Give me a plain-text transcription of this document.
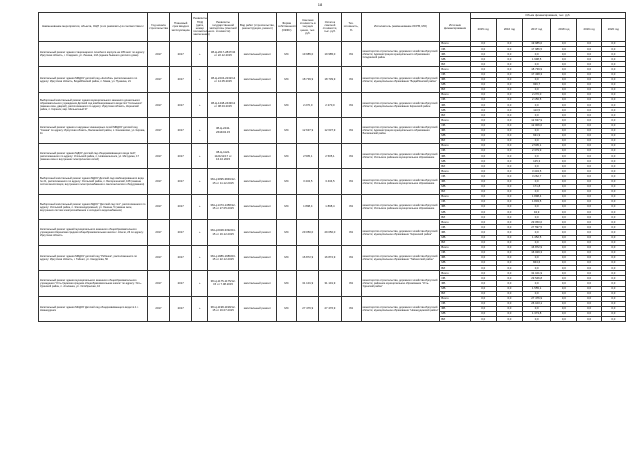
18
Наименование мероприятия, объекта, ОЦП (и их реквизиты) в соответствии с	Год начала строительства	Плановый срок ввода в эксплуатацию	Реквизиты ПСД (дата, номер положительного заключения)	Реквизиты государственной экспертизы (сметной стоимости)	Вид работ (строительство, реконструкция, ремонт)	Форма собственности (ОКФС)	Сметная стоимость в текущих ценах, тыс. руб.	Остаток сметной стоимости, тыс. руб.	Тех. готовность, %	Исполнитель (наименование ИОГВ, МО)	Источник финансирования	Объем финансирования, тыс. руб.					
												2015 год	2016 год	2017 год	2018 год	2019 год	2020 год
Капитальный ремонт здания стационарного лечебного корпуса на 105 мест по адресу: Иркутская область, г. Сладянск, ул. Ленина, 13А (здание бывшего детского дома)	2017	2017	+	38-Ц-2017-2847/34 от 22.12.2015	капитальный ремонт	МС	19 985,0	19 985,0	0%	министерство строительства, дорожного хозяйства Иркутской области; Администрация муниципального образования Сладянский район	Всего	0,0	0,0	19 985,0	0,0	0,0	0,0
											ОБ	0,0	0,0	17 986,5	0,0	0,0	0,0
											ФБ	0,0	0,0	0,0	0,0	0,0	0,0
											МБ	0,0	0,0	1 998,5	0,0	0,0	0,0
											ВИ	0,0	0,0	0,0	0,0	0,0	0,0
Капитальный ремонт здания МБДОУ детский сад «Колобок» расположенного по адресу: Иркутская область, Бодайбинский район, п. Мама, ул. Пушкина, 21	2017	2017	+	38-Ц-2234-2232/14 от 14.05.2015	капитальный ремонт	МС	18 739,9	18 739,9	0%	министерство строительства, дорожного хозяйства Иркутской области; муниципальное образование "Бодайбинский район"	Всего	0,0	0,0	18 739,9	0,0	0,0	0,0
											ОБ	0,0	0,0	17 438,3	0,0	0,0	0,0
											ФБ	0,0	0,0	0,0	0,0	0,0	0,0
											МБ	0,0	0,0	936,7	0,0	0,0	0,0
											ВИ	0,0	0,0	0,0	0,0	0,0	0,0
Выборочный капитальный ремонт здания муниципального казенного дошкольного образовательного учреждения Детский сад комбинированного вида №1 "Солнышко" (замена окон, дверей), расположенного по адресу: Иркутская область, Киренский район, п. Киренск, мкр. Мельничный 37	2017	2017	+	38-Ц-1448-2449/12 от 08.04.2015	капитальный ремонт	МС	2 270,0	2 270,0	0%	министерство строительства, дорожного хозяйства Иркутской области; муниципальное образование Киренский район	Всего	0,0	0,0	2 270,0	0,0	0,0	0,0
											ОБ	0,0	0,0	2 156,5	0,0	0,0	0,0
											ФБ	0,0	0,0	0,0	0,0	0,0	0,0
											МБ	0,0	0,0	113,5	0,0	0,0	0,0
											ВИ	0,0	0,0	0,0	0,0	0,0	0,0
Капитальный ремонт здания и наружных инженерных сетей МБДОУ детский сад "Сказка" по адресу: Иркутская область, Балаганский район, с. Коновалово, ул. Кирова, 11	2017	2017	+	38-Ц-2442-2644/02.15	капитальный ремонт	МС	12 637,9	12 637,9	0%	министерство строительства, дорожного хозяйства Иркутской области; Администрация муниципального образования Балаганский район	Всего	0,0	0,0	12 637,9	0,0	0,0	0,0
											ОБ	0,0	0,0	12 006,0	0,0	0,0	0,0
											ФБ	0,0	0,0	0,0	0,0	0,0	0,0
											МБ	0,0	0,0	631,9	0,0	0,0	0,0
											ВИ	0,0	0,0	0,0	0,0	0,0	0,0
Капитальный ремонт здания МДОУ детский сад общеразвивающего вида №47, расположенного по адресу: Усольский район, п. Новомальтинск, ул. Мичурина, 17 (замена окон и внутренних электрических сетей)	2017	2017	+	38-Ц-1124-1124/11/17 от 16.10.2015	капитальный ремонт	МС	2 505,1	2 505,1	0%	министерство строительства, дорожного хозяйства Иркутской области; Усольское районное муниципальное образование	Всего	0,0	0,0	2 505,1	0,0	0,0	0,0
											ОБ	0,0	0,0	2 379,9	0,0	0,0	0,0
											ФБ	0,0	0,0	0,0	0,0	0,0	0,0
											МБ	0,0	0,0	125,3	0,0	0,0	0,0
											ВИ	0,0	0,0	0,0	0,0	0,0	0,0
Выборочный капитальный ремонт здания МДОУ Детский сад комбинированного вида № 21, расположенного по адресу: Усольский район, п. Белореченский, 108 (замена систем вентиляции, внутреннего электроснабжения и сантехнического оборудования)	2017	2017	+	38-Ц-3095-3849/12-15 от 11.12.2015	капитальный ремонт	МС	3 434,5	3 434,5	0%	министерство строительства, дорожного хозяйства Иркутской области; Усольское районное муниципальное образование	Всего	0,0	0,0	3 434,5	0,0	0,0	0,0
											ОБ	0,0	0,0	3 262,7	0,0	0,0	0,0
											ФБ	0,0	0,0	0,0	0,0	0,0	0,0
											МБ	0,0	0,0	171,8	0,0	0,0	0,0
											ВИ	0,0	0,0	0,0	0,0	0,0	0,0
Выборочный капитальный ремонт здания МДОУ "Детский сад №1", расположенного по адресу: Усольский район, п. Железнодорожный, ул. Ленина, 5 (замена окон, внутренних систем электроснабжения и холодного водоснабжения)	2017	2017	+	38-Ц-1473-1458/12-15 от 27.05.2015	капитальный ремонт	МС	1 898,4	1 898,4	0%	министерство строительства, дорожного хозяйства Иркутской области; Усольское районное муниципальное образование	Всего	0,0	0,0	1 898,4	0,0	0,0	0,0
											ОБ	0,0	0,0	1 803,5	0,0	0,0	0,0
											ФБ	0,0	0,0	0,0	0,0	0,0	0,0
											МБ	0,0	0,0	94,9	0,0	0,0	0,0
											ВИ	0,0	0,0	0,0	0,0	0,0	0,0
Капитальный ремонт зданий муниципального казенного общеобразовательного учреждения Киренская средняя общеобразовательная школа с. Ключи, 26 по адресу: Иркутская область	2017	2017	+	38-Ц-0028-3392/04-15 от 16.12.2015	капитальный ремонт	МС	29 050,0	29 050,0	0%	министерство строительства, дорожного хозяйства Иркутской области; муниципальное образование "Киренский район"	Всего	0,0	0,0	29 050,0	0,0	0,0	0,0
											ОБ	0,0	0,0	27 597,5	0,0	0,0	0,0
											ФБ	0,0	0,0	0,0	0,0	0,0	0,0
											МБ	0,0	0,0	1 452,5	0,0	0,0	0,0
											ВИ	0,0	0,0	0,0	0,0	0,0	0,0
Капитальный ремонт здания МБДОУ детский сад "Рябинка", расположенного по адресу: Иркутская область, г. Тайшет, ул. Свердлова, 50	2017	2017	+	38-Ц-1986-1986/03-15 от 22.12.2015	капитальный ремонт	МС	16 872,9	16 872,9	0%	министерство строительства, дорожного хозяйства Иркутской области; муниципальное образование "Тайшетский район"	Всего	0,0	0,0	16 872,9	0,0	0,0	0,0
											ОБ	0,0	0,0	16 029,3	0,0	0,0	0,0
											ФБ	0,0	0,0	0,0	0,0	0,0	0,0
											МБ	0,0	0,0	843,6	0,0	0,0	0,0
											ВИ	0,0	0,0	0,0	0,0	0,0	0,0
Капитальный ремонт здания муниципального казенного общеобразовательного учреждения "Усть-Удинская средняя общеобразовательная школа" по адресу: Усть-Удинский район, п. Аталанка, ул. Октябрьская, 10	2017	2017	+	38-Ц-1175-1175/12-15 от 7.08.2015	капитальный ремонт	МС	31 101,9	31 101,9	0%	министерство строительства, дорожного хозяйства Иркутской области; районное муниципальное образование "Усть-Удинский район"	Всего	0,0	0,0	31 101,9	0,0	0,0	0,0
											ОБ	0,0	0,0	29 546,8	0,0	0,0	0,0
											ФБ	0,0	0,0	0,0	0,0	0,0	0,0
											МБ	0,0	0,0	1 555,1	0,0	0,0	0,0
											ВИ	0,0	0,0	0,0	0,0	0,0	0,0
Капитальный ремонт здания МКДОУ Детский сад общеразвивающего вида № 1 г. Нижнеудинск	2017	2017	+	38-Ц-1198-1198/12-15 от 16.07.2015	капитальный ремонт	МС	27 476,9	27 476,9	0%	министерство строительства, дорожного хозяйства Иркутской области; муниципальное образование "Нижнеудинский район"	Всего	0,0	0,0	27 476,9	0,0	0,0	0,0
											ОБ	0,0	0,0	26 103,1	0,0	0,0	0,0
											ФБ	0,0	0,0	0,0	0,0	0,0	0,0
											МБ	0,0	0,0	1 373,8	0,0	0,0	0,0
											ВИ	0,0	0,0	0,0	0,0	0,0	0,0
